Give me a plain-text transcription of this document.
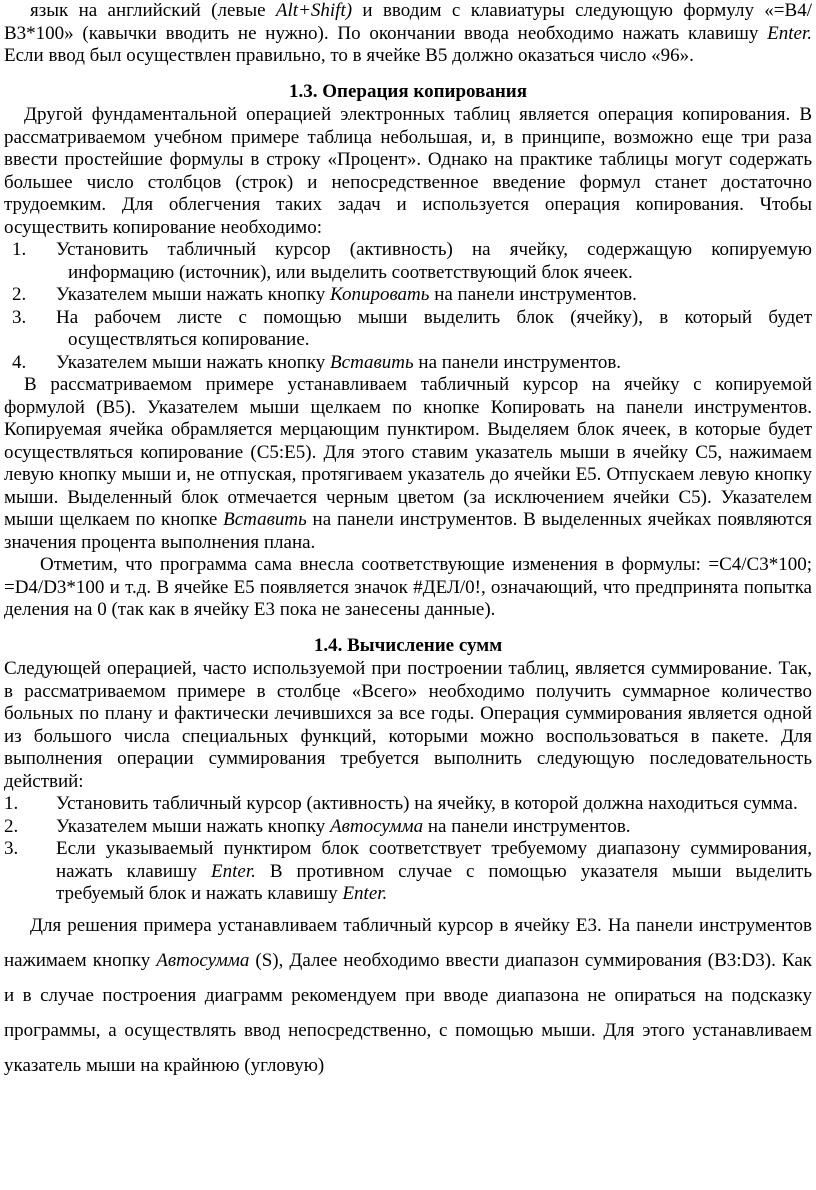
язык на английский (левые Alt+Shift) и вводим с клавиатуры следующую формулу «=В4/В3*100» (кавычки вводить не нужно). По окончании ввода необходимо нажать клавишу Enter. Если ввод был осуществлен правильно, то в ячейке В5 должно оказаться число «96».

1.3. Операция копирования

Другой фундаментальной операцией электронных таблиц является операция копирования. В рассматриваемом учебном примере таблица небольшая, и, в принципе, возможно еще три раза ввести простейшие формулы в строку «Процент». Однако на практике таблицы могут содержать большее число столбцов (строк) и непосредственное введение формул станет достаточно трудоемким. Для облегчения таких задач и используется операция копирования. Чтобы осуществить копирование необходимо:

1. Установить табличный курсор (активность) на ячейку, содержащую копируемую информацию (источник), или выделить соответствующий блок ячеек.
2. Указателем мыши нажать кнопку Копировать на панели инструментов.
3. На рабочем листе с помощью мыши выделить блок (ячейку), в который будет осуществляться копирование.
4. Указателем мыши нажать кнопку Вставить на панели инструментов.

В рассматриваемом примере устанавливаем табличный курсор на ячейку с копируемой формулой (В5). Указателем мыши щелкаем по кнопке Копировать на панели инструментов. Копируемая ячейка обрамляется мерцающим пунктиром. Выделяем блок ячеек, в которые будет осуществляться копирование (С5:Е5). Для этого ставим указатель мыши в ячейку С5, нажимаем левую кнопку мыши и, не отпуская, протягиваем указатель до ячейки Е5. Отпускаем левую кнопку мыши. Выделенный блок отмечается черным цветом (за исключением ячейки С5). Указателем мыши щелкаем по кнопке Вставить на панели инструментов. В выделенных ячейках появляются значения процента выполнения плана.

Отметим, что программа сама внесла соответствующие изменения в формулы: =С4/С3*100; =D4/D3*100 и т.д. В ячейке Е5 появляется значок #ДЕЛ/0!, означающий, что предпринята попытка деления на 0 (так как в ячейку Е3 пока не занесены данные).

1.4. Вычисление сумм

Следующей операцией, часто используемой при построении таблиц, является суммирование. Так, в рассматриваемом примере в столбце «Всего» необходимо получить суммарное количество больных по плану и фактически лечившихся за все годы. Операция суммирования является одной из большого числа специальных функций, которыми можно воспользоваться в пакете. Для выполнения операции суммирования требуется выполнить следующую последовательность действий:

1. Установить табличный курсор (активность) на ячейку, в которой должна находиться сумма.
2. Указателем мыши нажать кнопку Автосумма на панели инструментов.
3. Если указываемый пунктиром блок соответствует требуемому диапазону суммирования, нажать клавишу Enter. В противном случае с помощью указателя мыши выделить требуемый блок и нажать клавишу Enter.

Для решения примера устанавливаем табличный курсор в ячейку Е3. На панели инструментов нажимаем кнопку Автосумма (S), Далее необходимо ввести диапазон суммирования (В3:D3). Как и в случае построения диаграмм рекомендуем при вводе диапазона не опираться на подсказку программы, а осуществлять ввод непосредственно, с помощью мыши. Для этого устанавливаем указатель мыши на крайнюю (угловую)
